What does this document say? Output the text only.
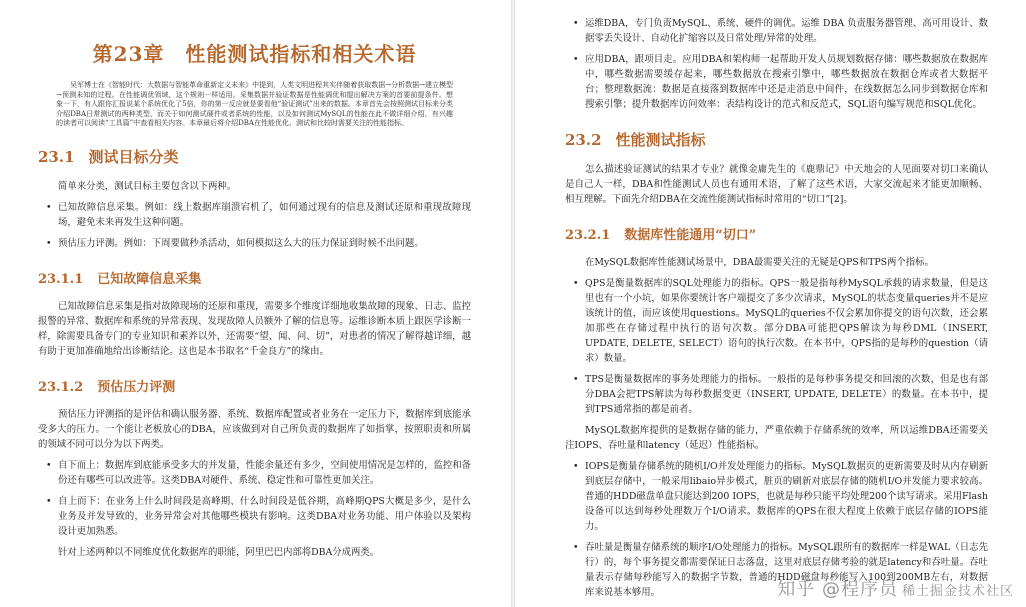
第23章　性能测试指标和相关术语
吴军博士在《智能时代：大数据与智能革命重新定义未来》中提到，人类文明进程其实伴随着获取数据→分析数据→建立模型→预测未知的过程。在性能调优领域，这个规则一样适用。采集数据并验证数据是性能调优和提出解决方案的首要前提条件。想象一下，有人跟你汇报说某个系统优化了5倍，你的第一反应就是要看他“验证测试”出来的数据。本章首先会按照测试目标来分类介绍DBA日常测试的两种类型，而关于如何测试硬件或者系统的性能，以及如何测试MySQL的性能在此不做详细介绍，有兴趣的读者可以阅读“工具篇”中查看相关内容。本章最后将介绍DBA在性能优化、测试和比较时需要关注的性能指标。
23.1 测试目标分类

简单来分类，测试目标主要包含以下两种。

• 已知故障信息采集。例如：线上数据库崩溃宕机了，如何通过现有的信息及测试还原和重现故障现场，避免未来再发生这种问题。

• 预估压力评测。例如：下周要做秒杀活动，如何模拟这么大的压力保证到时候不出问题。

23.1.1 已知故障信息采集

已知故障信息采集是指对故障现场的还原和重现，需要多个维度详细地收集故障的现象、日志、监控报警的异常、数据库和系统的异常表现、发现故障人员额外了解的信息等。运维诊断本质上跟医学诊断一样，除需要具备专门的专业知识和素养以外，还需要“望、闻、问、切”，对患者的情况了解得越详细，越有助于更加准确地给出诊断结论。这也是本书取名“千金良方”的缘由。

23.1.2 预估压力评测

预估压力评测指的是评估和确认服务器、系统、数据库配置或者业务在一定压力下，数据库到底能承受多大的压力。一个能让老板放心的DBA，应该做到对自己所负责的数据库了如指掌，按照职责和所属的领域不同可以分为以下两类。

• 自下而上：数据库到底能承受多大的并发量，性能余量还有多少，空间使用情况是怎样的，监控和备份还有哪些可以改进等。这类DBA对硬件、系统、稳定性和可靠性更加关注。

• 自上而下：在业务上什么时间段是高峰期、什么时间段是低谷期，高峰期QPS大概是多少，是什么业务及并发导致的，业务异常会对其他哪些模块有影响。这类DBA对业务功能、用户体验以及架构设计更加熟悉。

针对上述两种以不同维度优化数据库的职能，阿里巴巴内部将DBA分成两类。

• 运维DBA，专门负责MySQL、系统、硬件的调优。运维 DBA 负责服务器管理、高可用设计、数据零丢失设计、自动化扩缩容以及日常处理/异常的处理。

• 应用DBA，跟项目走。应用DBA和架构师一起帮助开发人员规划数据存储：哪些数据放在数据库中，哪些数据需要缓存起来，哪些数据放在搜索引擎中，哪些数据放在数据仓库或者大数据平台；整理数据流：数据是直接落到数据库中还是走消息中间件，在线数据怎么同步到数据仓库和搜索引擎；提升数据库访问效率：表结构设计的范式和反范式，SQL语句编写规范和SQL优化。

23.2 性能测试指标

怎么描述验证测试的结果才专业？就像金庸先生的《鹿鼎记》中天地会的人见面要对切口来确认是自己人一样，DBA和性能测试人员也有通用术语，了解了这些术语，大家交流起来才能更加顺畅、相互理解。下面先介绍DBA在交流性能测试指标时常用的“切口”[2]。

23.2.1 数据库性能通用“切口”

在MySQL数据库性能测试场景中，DBA最需要关注的无疑是QPS和TPS两个指标。

• QPS是衡量数据库的SQL处理能力的指标。QPS一般是指每秒MySQL承载的请求数量，但是这里也有一个小坑，如果你要统计客户端提交了多少次请求，MySQL的状态变量queries并不是应该统计的值，而应该使用questions。MySQL的queries不仅会累加你提交的语句次数，还会累加那些在存储过程中执行的语句次数。部分DBA可能把QPS解读为每秒DML（INSERT, UPDATE, DELETE, SELECT）语句的执行次数。在本书中，QPS指的是每秒的question（请求）数量。

• TPS是衡量数据库的事务处理能力的指标。一般指的是每秒事务提交和回滚的次数，但是也有部分DBA会把TPS解读为每秒数据变更（INSERT, UPDATE, DELETE）的数量。在本书中，提到TPS通常指的都是前者。

MySQL数据库提供的是数据存储的能力，严重依赖于存储系统的效率，所以运维DBA还需要关注IOPS、吞吐量和latency（延迟）性能指标。

• IOPS是衡量存储系统的随机I/O并发处理能力的指标。MySQL数据页的更新需要及时从内存刷新到底层存储中，一般采用libaio异步模式，脏页的刷新对底层存储的随机I/O并发能力要求较高。普通的HDD磁盘单盘只能达到200 IOPS，也就是每秒只能平均处理200个读写请求。采用Flash设备可以达到每秒处理数万个I/O请求。数据库的QPS在很大程度上依赖于底层存储的IOPS能力。

• 吞吐量是衡量存储系统的顺序I/O处理能力的指标。MySQL跟所有的数据库一样是WAL（日志先行）的，每个事务提交都需要保证日志落盘，这里对底层存储考验的就是latency和吞吐量。吞吐量表示存储每秒能写入的数据字节数，普通的HDD磁盘每秒能写入100到200MB左右，对数据库来说基本够用。	知乎 @程序员 稀土掘金技术社区
